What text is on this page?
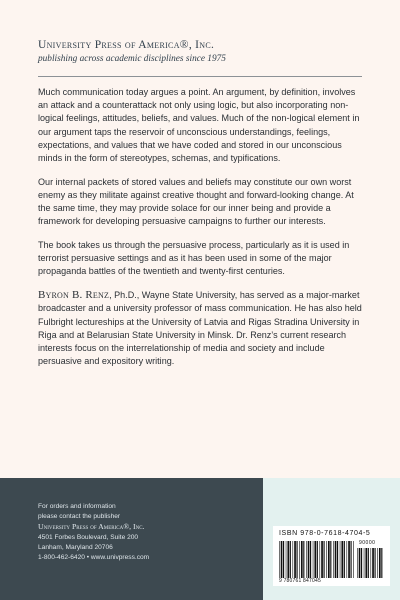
University Press of America®, Inc.
publishing across academic disciplines since 1975

Much communication today argues a point. An argument, by definition, involves an attack and a counterattack not only using logic, but also incorporating non-logical feelings, attitudes, beliefs, and values. Much of the non-logical element in our argument taps the reservoir of unconscious understandings, feelings, expectations, and values that we have coded and stored in our unconscious minds in the form of stereotypes, schemas, and typifications.

Our internal packets of stored values and beliefs may constitute our own worst enemy as they militate against creative thought and forward-looking change. At the same time, they may provide solace for our inner being and provide a framework for developing persuasive campaigns to further our interests.

The book takes us through the persuasive process, particularly as it is used in terrorist persuasive settings and as it has been used in some of the major propaganda battles of the twentieth and twenty-first centuries.

Byron B. Renz, Ph.D., Wayne State University, has served as a major-market broadcaster and a university professor of mass communication. He has also held Fulbright lectureships at the University of Latvia and Rigas Stradina University in Riga and at Belarusian State University in Minsk. Dr. Renz’s current research interests focus on the interrelationship of media and society and include persuasive and expository writing.

For orders and information
please contact the publisher
University Press of America®, Inc.
4501 Forbes Boulevard, Suite 200
Lanham, Maryland 20706
1-800-462-6420 • www.univpress.com
ISBN 978-0-7618-4704-5
90000
9 780761 847045
